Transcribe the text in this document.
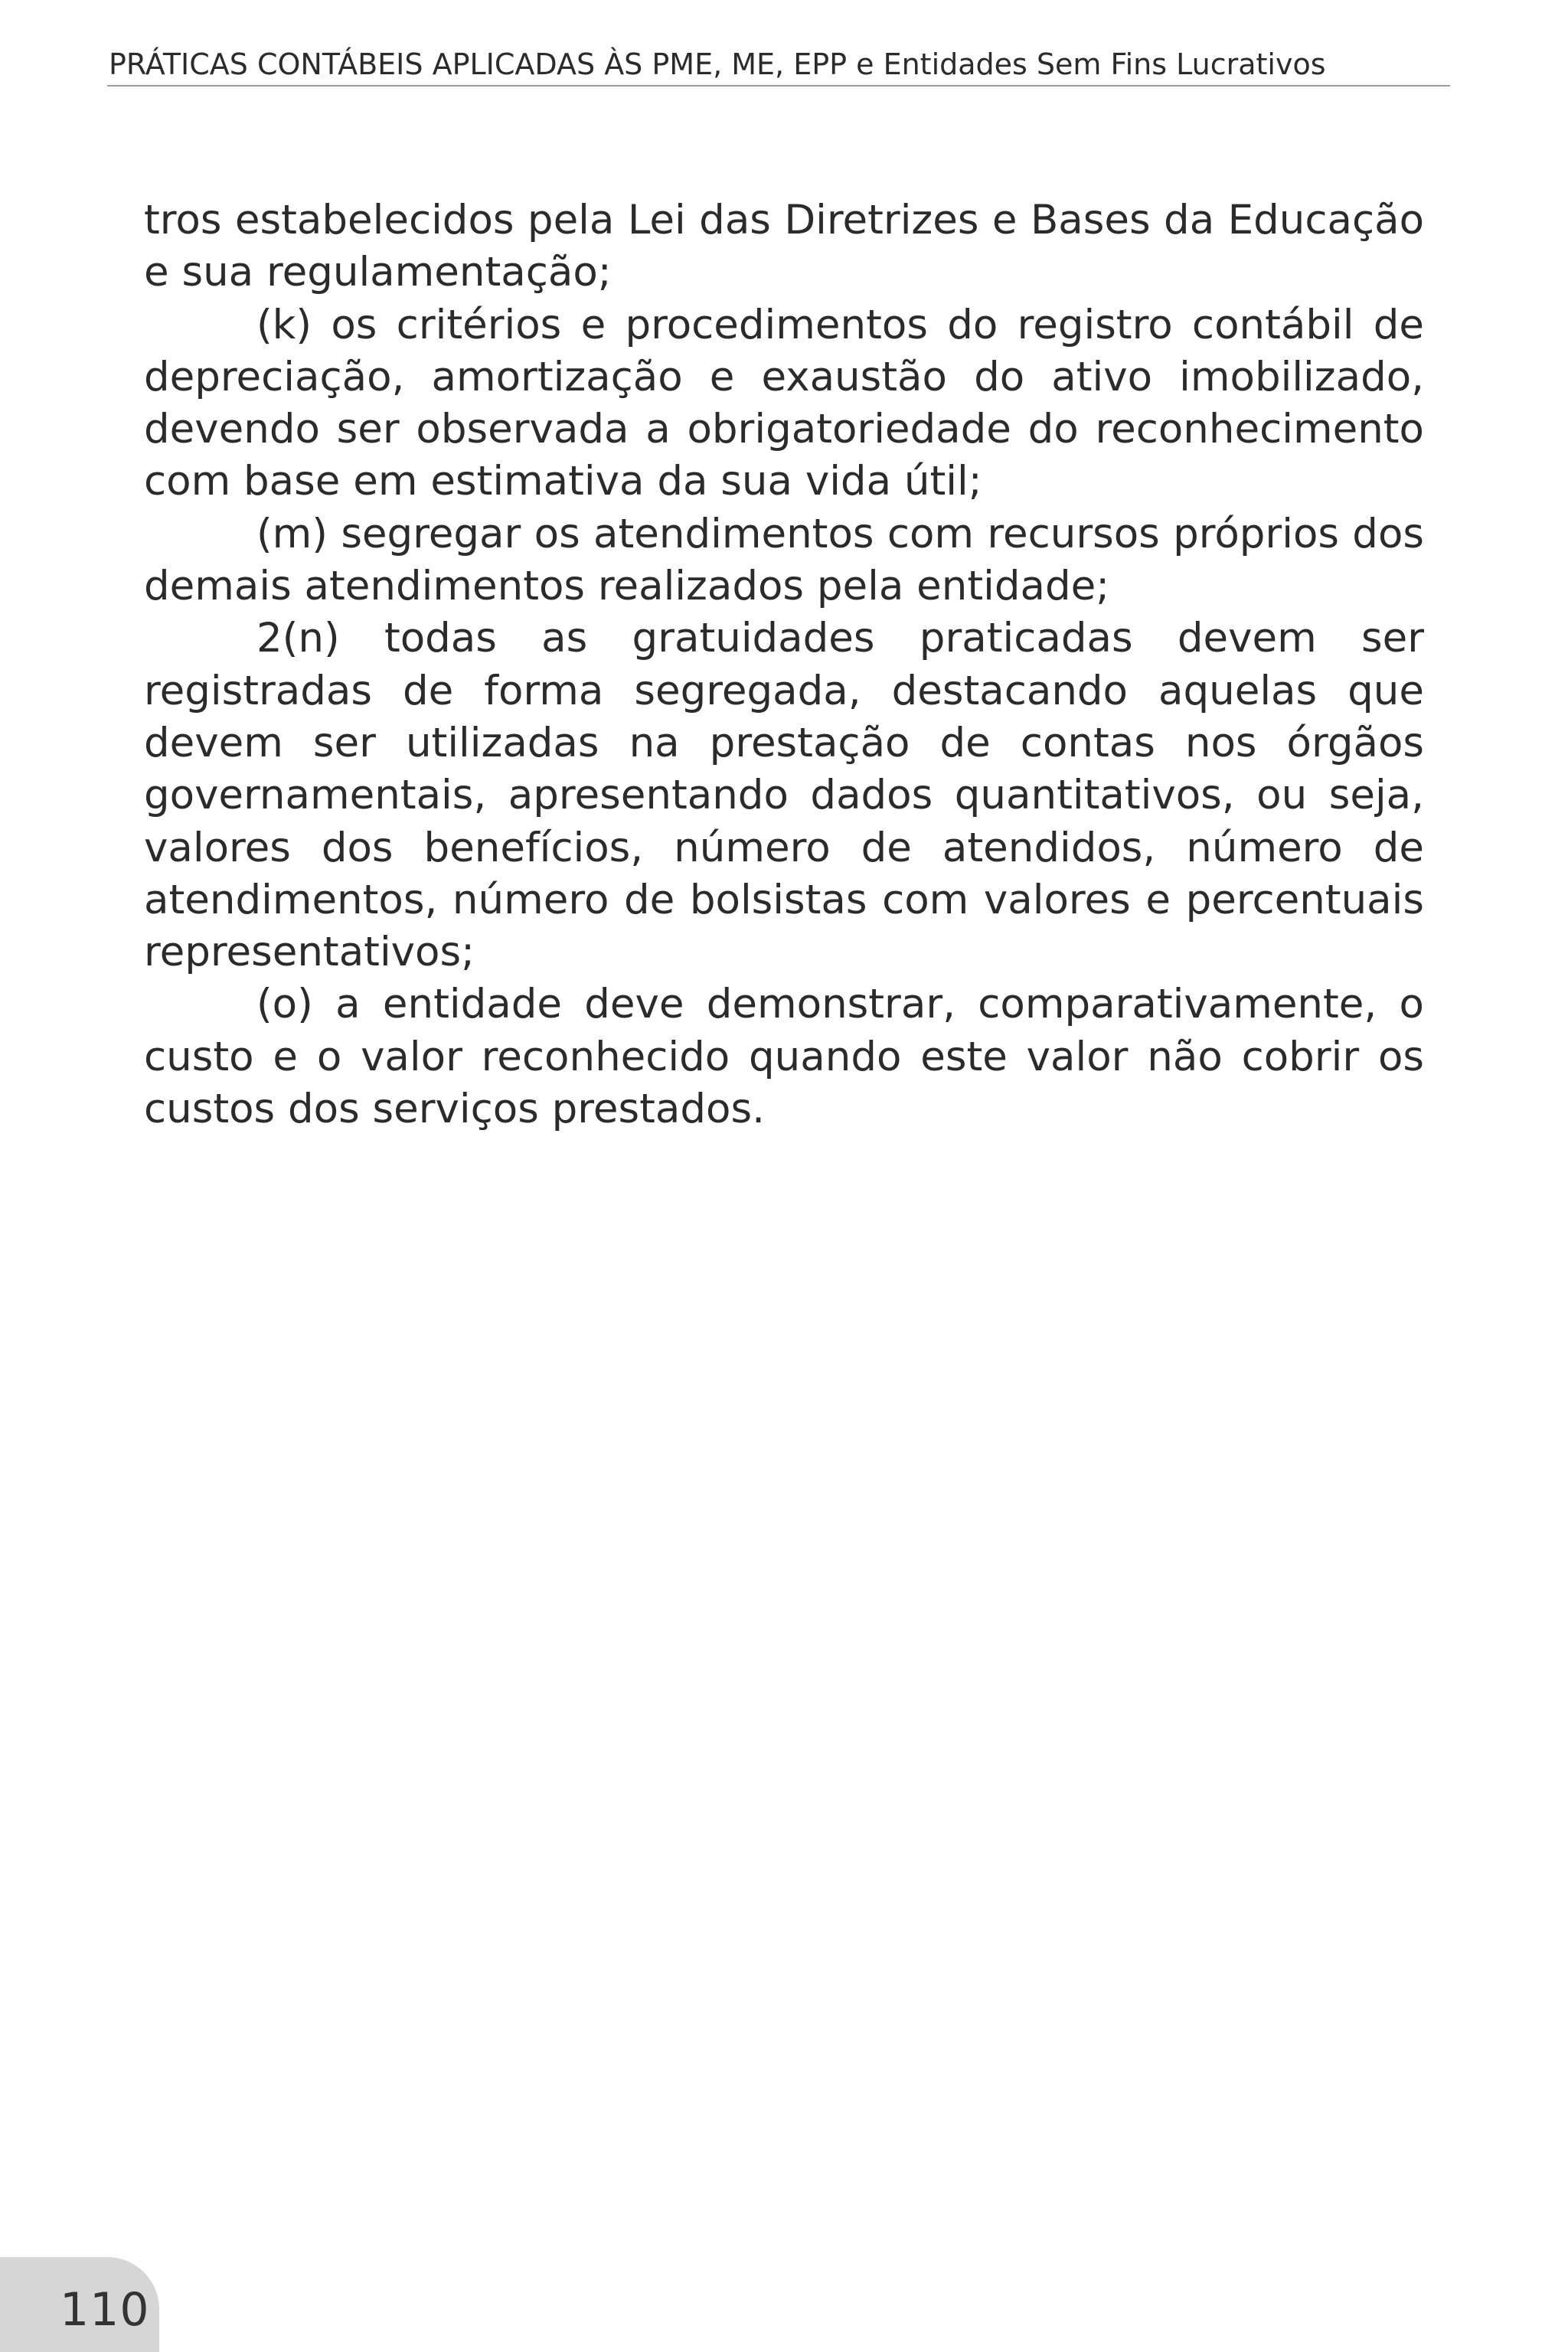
PRÁTICAS CONTÁBEIS APLICADAS ÀS PME, ME, EPP e Entidades Sem Fins Lucrativos

tros estabelecidos pela Lei das Diretrizes e Bases da Educação e sua regulamentação;

(k) os critérios e procedimentos do registro contábil de depreciação, amortização e exaustão do ativo imobilizado, devendo ser observada a obrigatoriedade do reconhecimento com base em estimativa da sua vida útil;

(m) segregar os atendimentos com recursos próprios dos demais atendimentos realizados pela entidade;

2(n) todas as gratuidades praticadas devem ser registradas de forma segregada, destacando aquelas que devem ser utilizadas na prestação de contas nos órgãos governamentais, apresentando dados quantitativos, ou seja, valores dos benefícios, número de atendidos, número de atendimentos, número de bolsistas com valores e percentuais representativos;

(o) a entidade deve demonstrar, comparativamente, o custo e o valor reconhecido quando este valor não cobrir os custos dos serviços prestados.

110
